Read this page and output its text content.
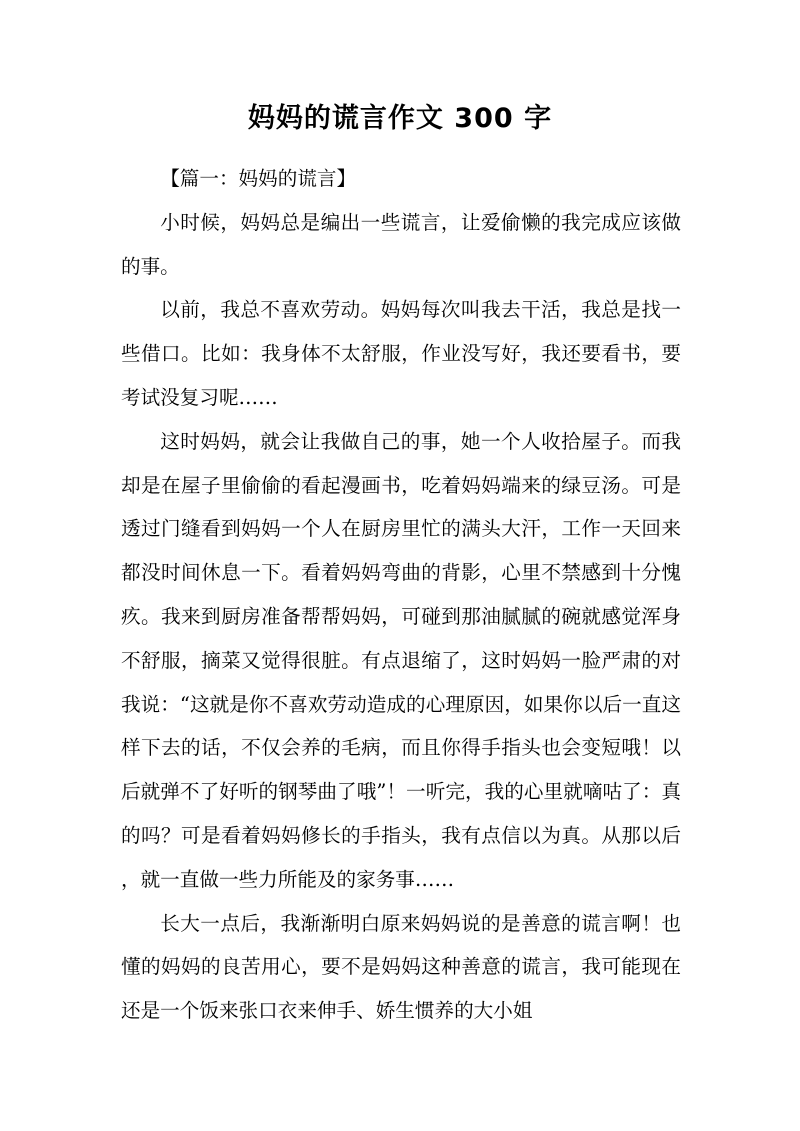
妈妈的谎言作文 300 字

【篇一：妈妈的谎言】

小时候，妈妈总是编出一些谎言，让爱偷懒的我完成应该做的事。

以前，我总不喜欢劳动。妈妈每次叫我去干活，我总是找一些借口。比如：我身体不太舒服，作业没写好，我还要看书，要考试没复习呢……

这时妈妈，就会让我做自己的事，她一个人收拾屋子。而我却是在屋子里偷偷的看起漫画书，吃着妈妈端来的绿豆汤。可是透过门缝看到妈妈一个人在厨房里忙的满头大汗，工作一天回来都没时间休息一下。看着妈妈弯曲的背影，心里不禁感到十分愧疚。我来到厨房准备帮帮妈妈，可碰到那油腻腻的碗就感觉浑身不舒服，摘菜又觉得很脏。有点退缩了，这时妈妈一脸严肃的对我说：“这就是你不喜欢劳动造成的心理原因，如果你以后一直这样下去的话，不仅会养的毛病，而且你得手指头也会变短哦！以后就弹不了好听的钢琴曲了哦”！一听完，我的心里就嘀咕了：真的吗？可是看着妈妈修长的手指头，我有点信以为真。从那以后，就一直做一些力所能及的家务事……

长大一点后，我渐渐明白原来妈妈说的是善意的谎言啊！也懂的妈妈的良苦用心，要不是妈妈这种善意的谎言，我可能现在还是一个饭来张口衣来伸手、娇生惯养的大小姐
